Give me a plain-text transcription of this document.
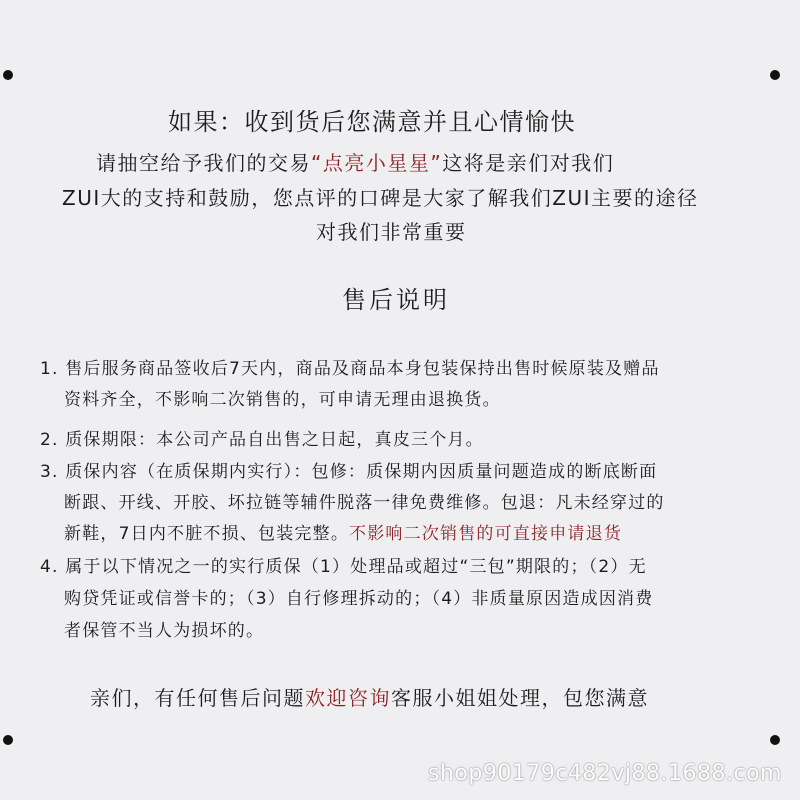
如果：收到货后您满意并且心情愉快
请抽空给予我们的交易“点亮小星星”这将是亲们对我们
ZUI大的支持和鼓励，您点评的口碑是大家了解我们ZUI主要的途径
对我们非常重要
售后说明
1. 售后服务商品签收后7天内，商品及商品本身包装保持出售时候原装及赠品
资料齐全，不影响二次销售的，可申请无理由退换货。
2. 质保期限：本公司产品自出售之日起，真皮三个月。
3. 质保内容（在质保期内实行）：包修：质保期内因质量问题造成的断底断面
断跟、开线、开胶、坏拉链等辅件脱落一律免费维修。包退：凡未经穿过的
新鞋，7日内不脏不损、包装完整。不影响二次销售的可直接申请退货
4. 属于以下情况之一的实行质保（1）处理品或超过“三包”期限的；（2）无
购贷凭证或信誉卡的；（3）自行修理拆动的；（4）非质量原因造成因消费
者保管不当人为损坏的。
亲们，有任何售后问题欢迎咨询客服小姐姐处理，包您满意
shop90179c482vj88.1688.com
